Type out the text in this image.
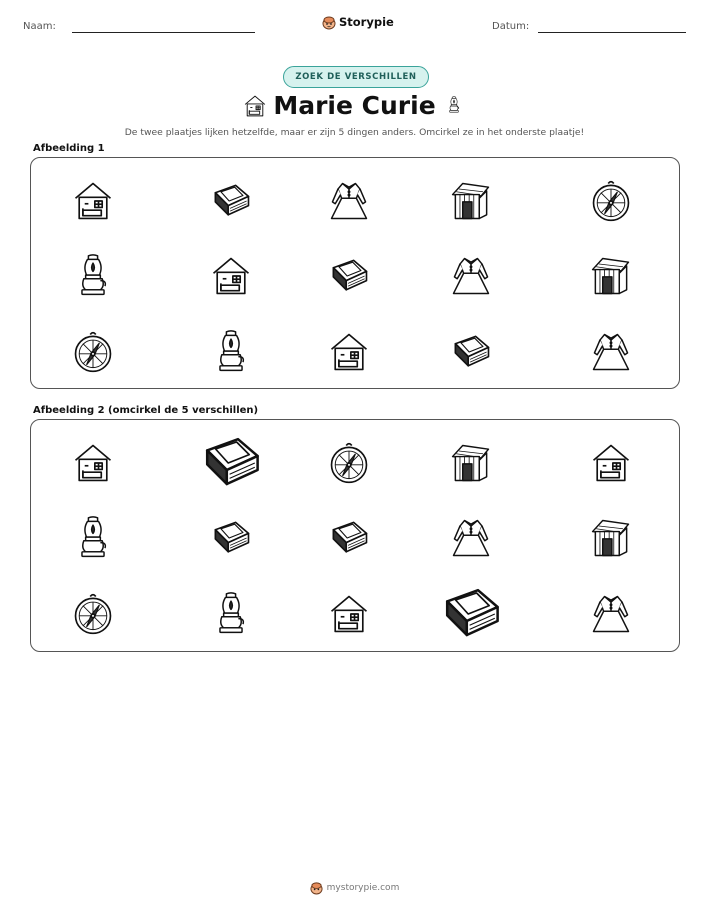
Naam:	Storypie	Datum:
ZOEK DE VERSCHILLEN
Marie Curie
De twee plaatjes lijken hetzelfde, maar er zijn 5 dingen anders. Omcirkel ze in het onderste plaatje!
Afbeelding 1
Afbeelding 2 (omcirkel de 5 verschillen)
mystorypie.com
